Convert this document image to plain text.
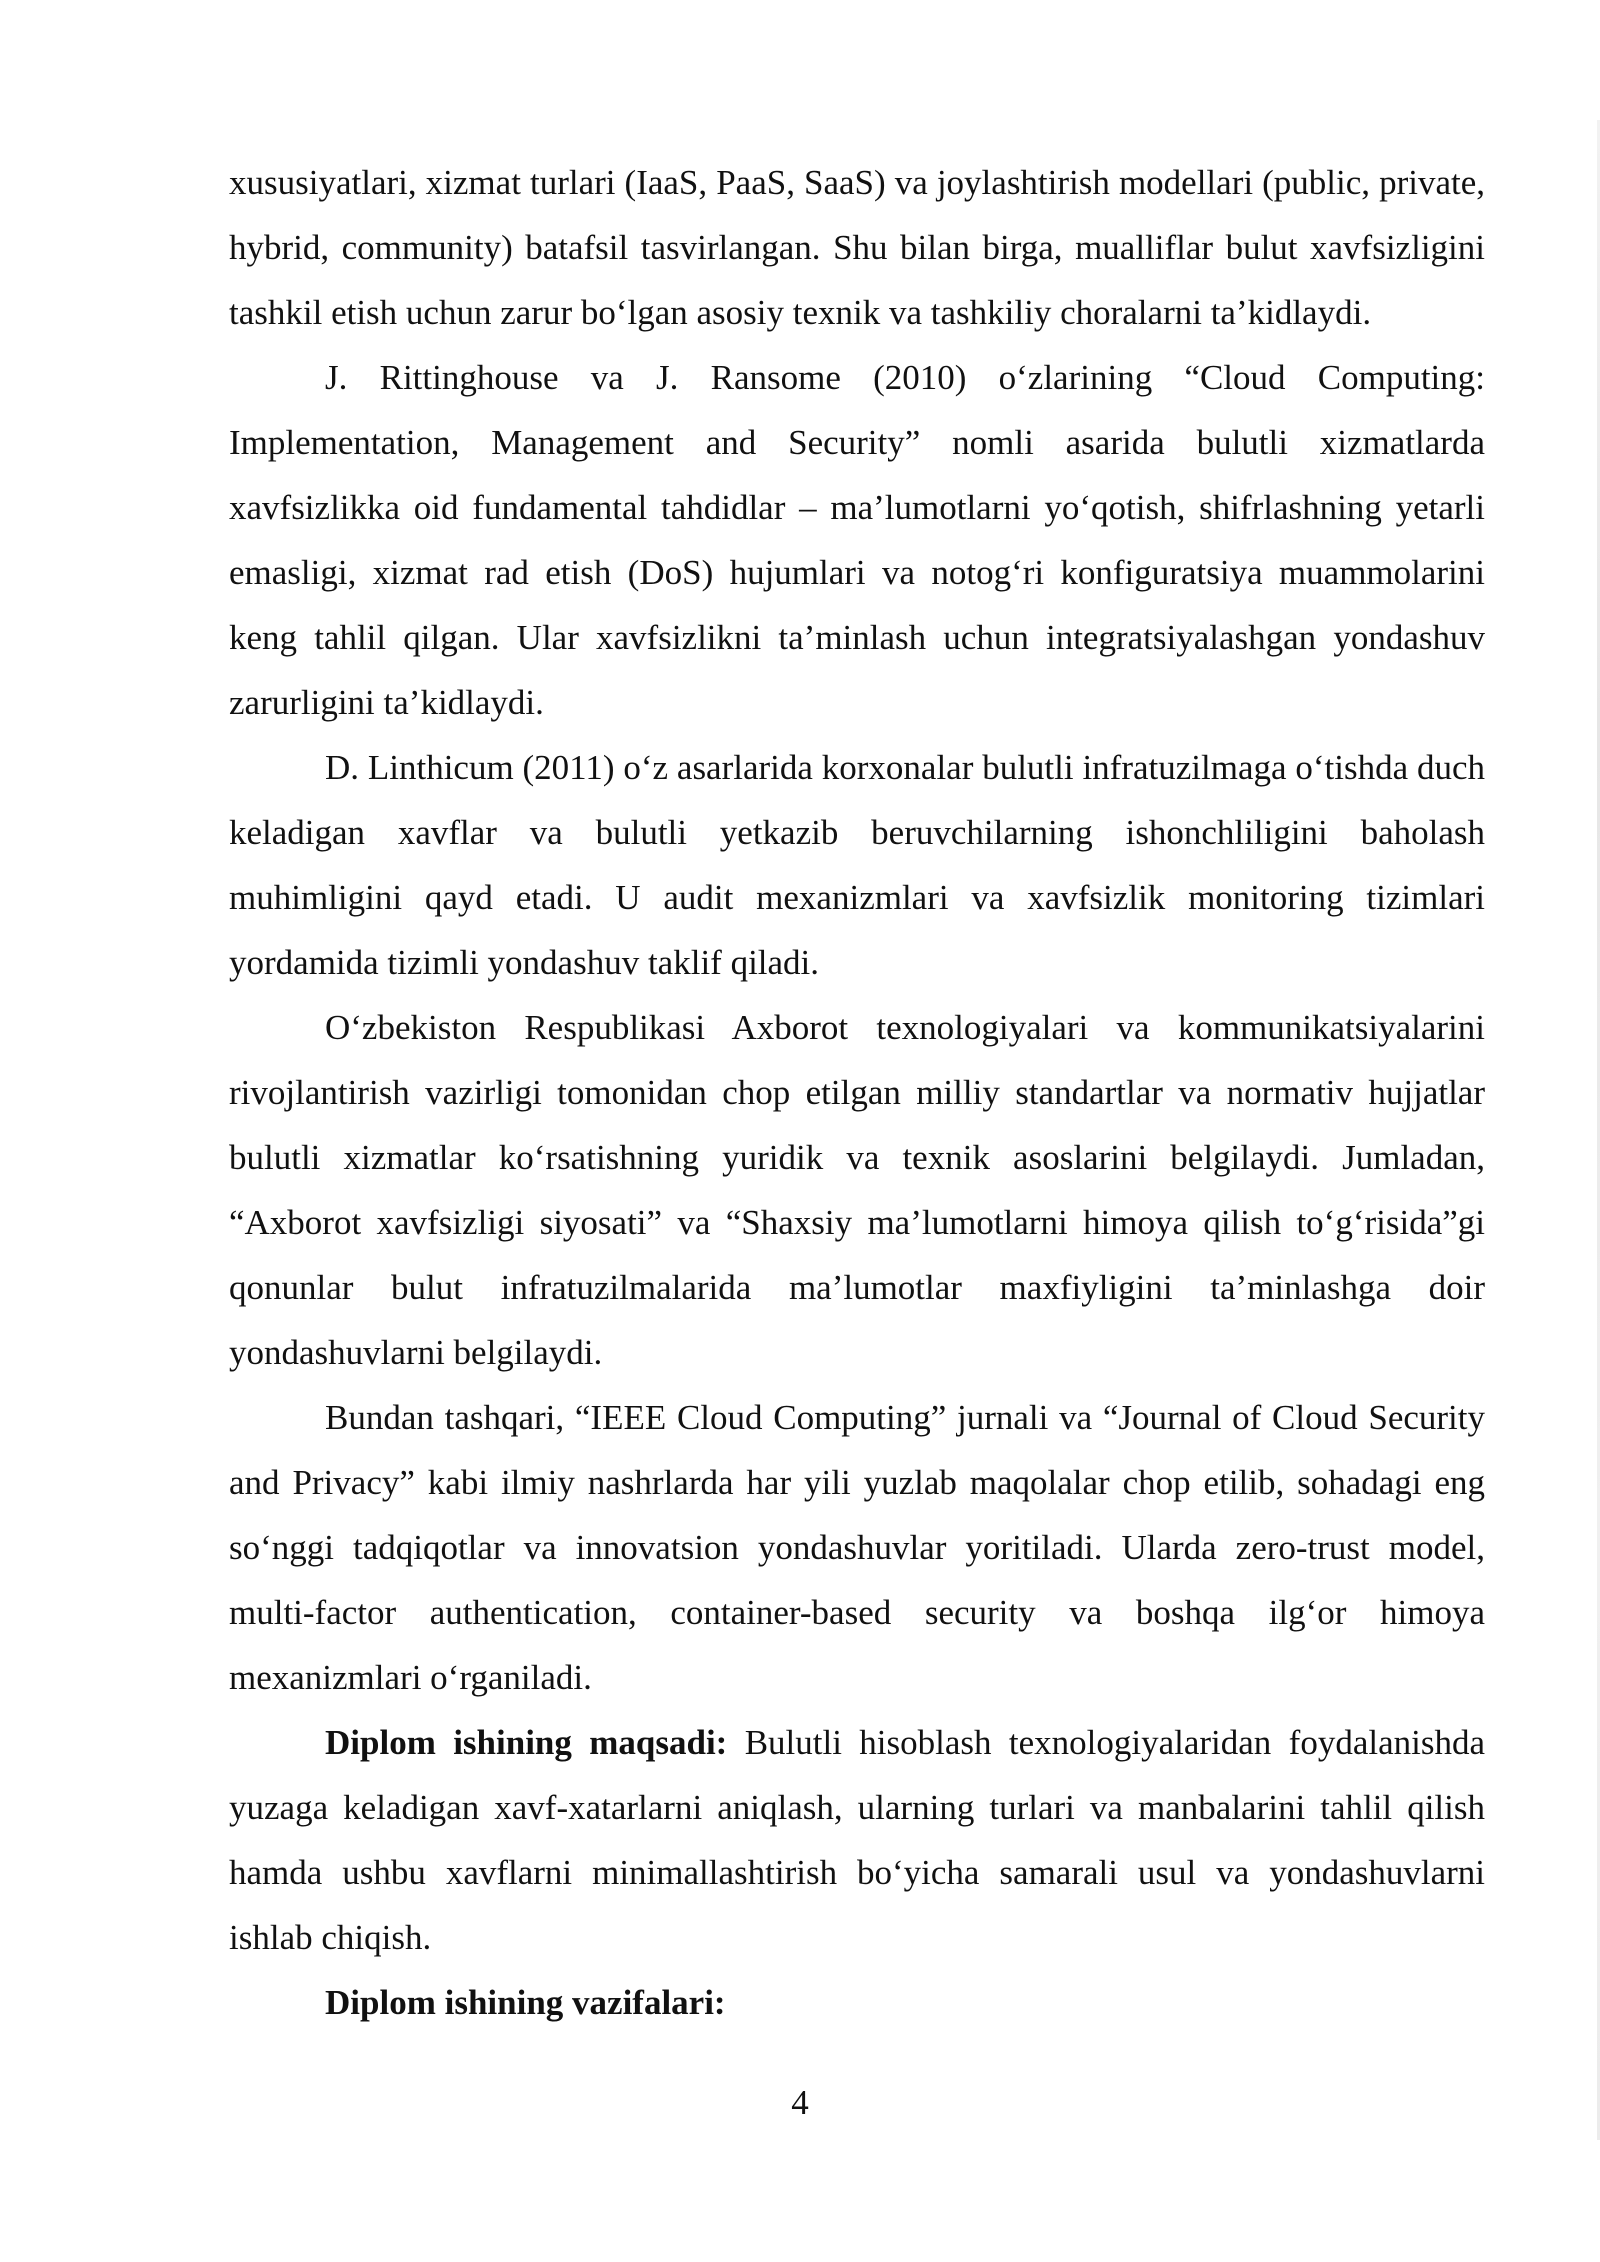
xususiyatlari, xizmat turlari (IaaS, PaaS, SaaS) va joylashtirish modellari (public, private, hybrid, community) batafsil tasvirlangan. Shu bilan birga, mualliflar bulut xavfsizligini tashkil etish uchun zarur bo‘lgan asosiy texnik va tashkiliy choralarni ta’kidlaydi.

J. Rittinghouse va J. Ransome (2010) o‘zlarining “Cloud Computing: Implementation, Management and Security” nomli asarida bulutli xizmatlarda xavfsizlikka oid fundamental tahdidlar – ma’lumotlarni yo‘qotish, shifrlashning yetarli emasligi, xizmat rad etish (DoS) hujumlari va notog‘ri konfiguratsiya muammolarini keng tahlil qilgan. Ular xavfsizlikni ta’minlash uchun integratsiyalashgan yondashuv zarurligini ta’kidlaydi.

D. Linthicum (2011) o‘z asarlarida korxonalar bulutli infratuzilmaga o‘tishda duch keladigan xavflar va bulutli yetkazib beruvchilarning ishonchliligini baholash muhimligini qayd etadi. U audit mexanizmlari va xavfsizlik monitoring tizimlari yordamida tizimli yondashuv taklif qiladi.

O‘zbekiston Respublikasi Axborot texnologiyalari va kommunikatsiyalarini rivojlantirish vazirligi tomonidan chop etilgan milliy standartlar va normativ hujjatlar bulutli xizmatlar ko‘rsatishning yuridik va texnik asoslarini belgilaydi. Jumladan, “Axborot xavfsizligi siyosati” va “Shaxsiy ma’lumotlarni himoya qilish to‘g‘risida”gi qonunlar bulut infratuzilmalarida ma’lumotlar maxfiyligini ta’minlashga doir yondashuvlarni belgilaydi.

Bundan tashqari, “IEEE Cloud Computing” jurnali va “Journal of Cloud Security and Privacy” kabi ilmiy nashrlarda har yili yuzlab maqolalar chop etilib, sohadagi eng so‘nggi tadqiqotlar va innovatsion yondashuvlar yoritiladi. Ularda zero-trust model, multi-factor authentication, container-based security va boshqa ilg‘or himoya mexanizmlari o‘rganiladi.

Diplom ishining maqsadi: Bulutli hisoblash texnologiyalaridan foydalanishda yuzaga keladigan xavf-xatarlarni aniqlash, ularning turlari va manbalarini tahlil qilish hamda ushbu xavflarni minimallashtirish bo‘yicha samarali usul va yondashuvlarni ishlab chiqish.

Diplom ishining vazifalari:

4
